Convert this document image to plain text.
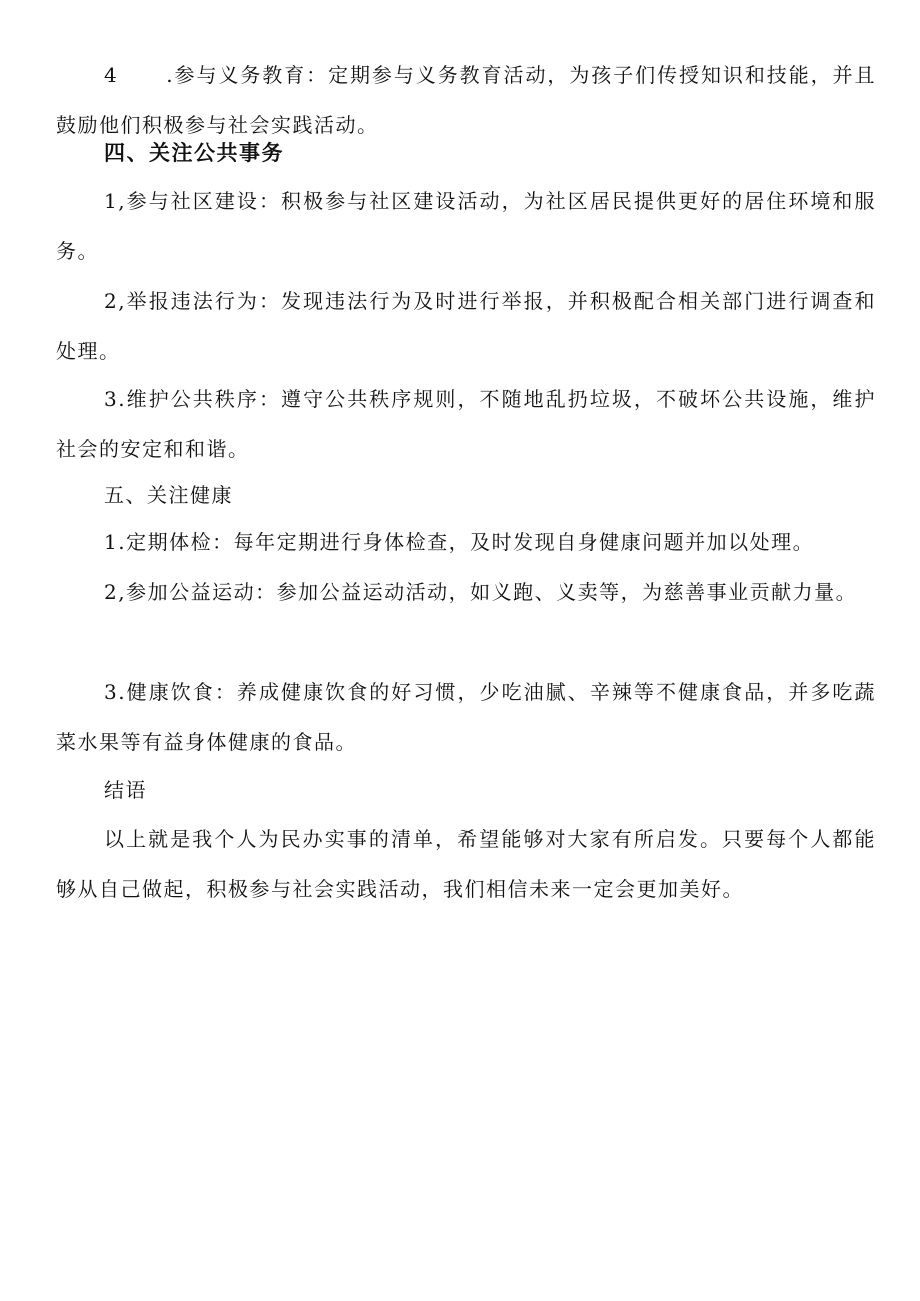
4 .参与义务教育：定期参与义务教育活动，为孩子们传授知识和技能，并且鼓励他们积极参与社会实践活动。

四、关注公共事务

1,参与社区建设：积极参与社区建设活动，为社区居民提供更好的居住环境和服务。

2,举报违法行为：发现违法行为及时进行举报，并积极配合相关部门进行调查和处理。

3.维护公共秩序：遵守公共秩序规则，不随地乱扔垃圾，不破坏公共设施，维护社会的安定和和谐。

五、关注健康

1.定期体检：每年定期进行身体检查，及时发现自身健康问题并加以处理。

2,参加公益运动：参加公益运动活动，如义跑、义卖等，为慈善事业贡献力量。

3.健康饮食：养成健康饮食的好习惯，少吃油腻、辛辣等不健康食品，并多吃蔬菜水果等有益身体健康的食品。

结语

以上就是我个人为民办实事的清单，希望能够对大家有所启发。只要每个人都能够从自己做起，积极参与社会实践活动，我们相信未来一定会更加美好。
